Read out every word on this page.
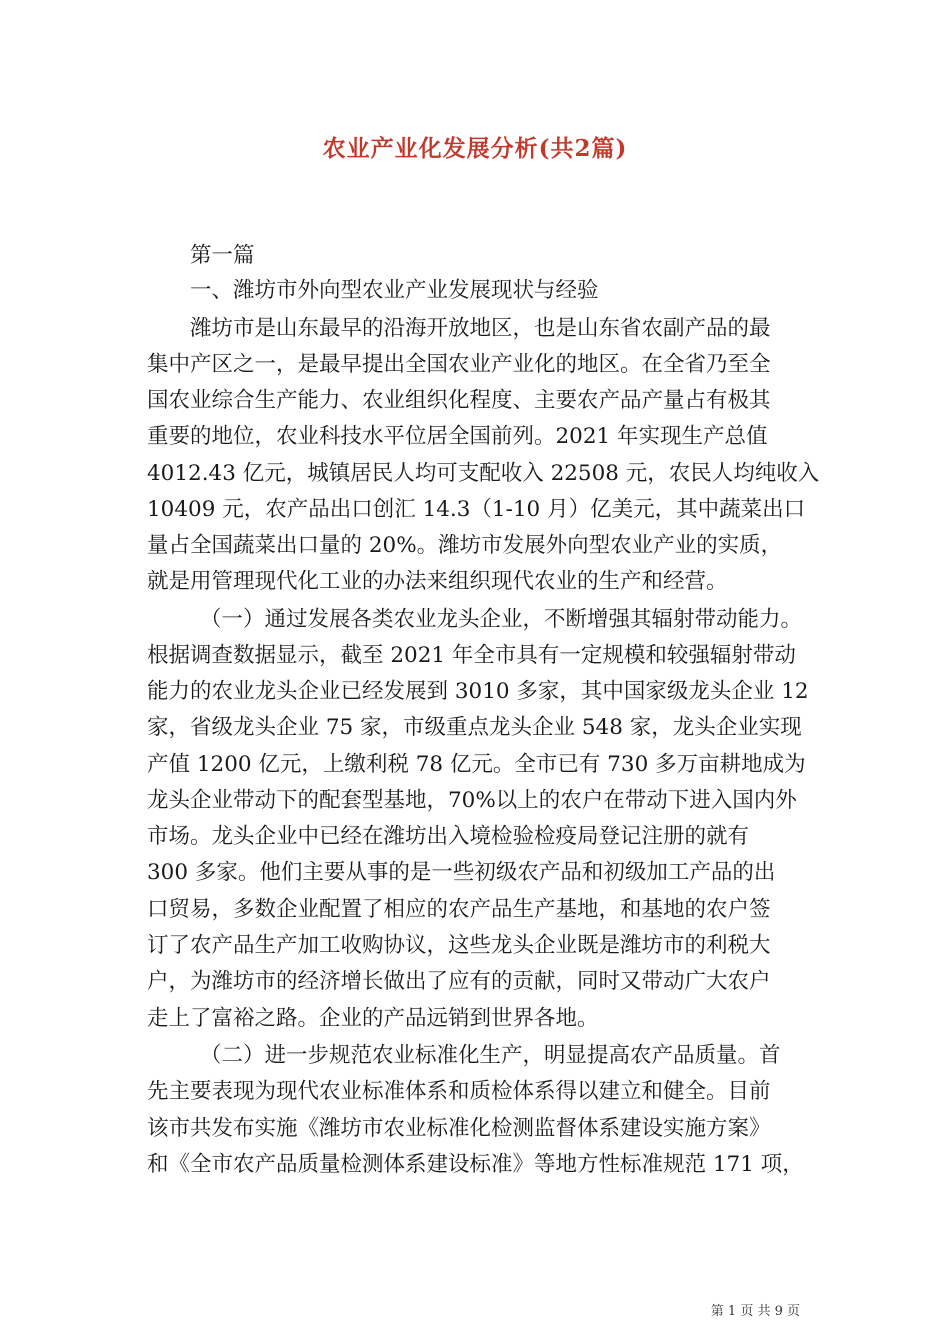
农业产业化发展分析(共2篇)
第一篇
一、潍坊市外向型农业产业发展现状与经验
潍坊市是山东最早的沿海开放地区，也是山东省农副产品的最
集中产区之一，是最早提出全国农业产业化的地区。在全省乃至全
国农业综合生产能力、农业组织化程度、主要农产品产量占有极其
重要的地位，农业科技水平位居全国前列。2021 年实现生产总值
4012.43 亿元，城镇居民人均可支配收入 22508 元，农民人均纯收入
10409 元，农产品出口创汇 14.3（1-10 月）亿美元，其中蔬菜出口
量占全国蔬菜出口量的 20%。潍坊市发展外向型农业产业的实质，
就是用管理现代化工业的办法来组织现代农业的生产和经营。
（一）通过发展各类农业龙头企业，不断增强其辐射带动能力。
根据调查数据显示，截至 2021 年全市具有一定规模和较强辐射带动
能力的农业龙头企业已经发展到 3010 多家，其中国家级龙头企业 12
家，省级龙头企业 75 家，市级重点龙头企业 548 家，龙头企业实现
产值 1200 亿元，上缴利税 78 亿元。全市已有 730 多万亩耕地成为
龙头企业带动下的配套型基地，70%以上的农户在带动下进入国内外
市场。龙头企业中已经在潍坊出入境检验检疫局登记注册的就有
300 多家。他们主要从事的是一些初级农产品和初级加工产品的出
口贸易，多数企业配置了相应的农产品生产基地，和基地的农户签
订了农产品生产加工收购协议，这些龙头企业既是潍坊市的利税大
户，为潍坊市的经济增长做出了应有的贡献，同时又带动广大农户
走上了富裕之路。企业的产品远销到世界各地。
（二）进一步规范农业标准化生产，明显提高农产品质量。首
先主要表现为现代农业标准体系和质检体系得以建立和健全。目前
该市共发布实施《潍坊市农业标准化检测监督体系建设实施方案》
和《全市农产品质量检测体系建设标准》等地方性标准规范 171 项，
第 1 页 共 9 页
